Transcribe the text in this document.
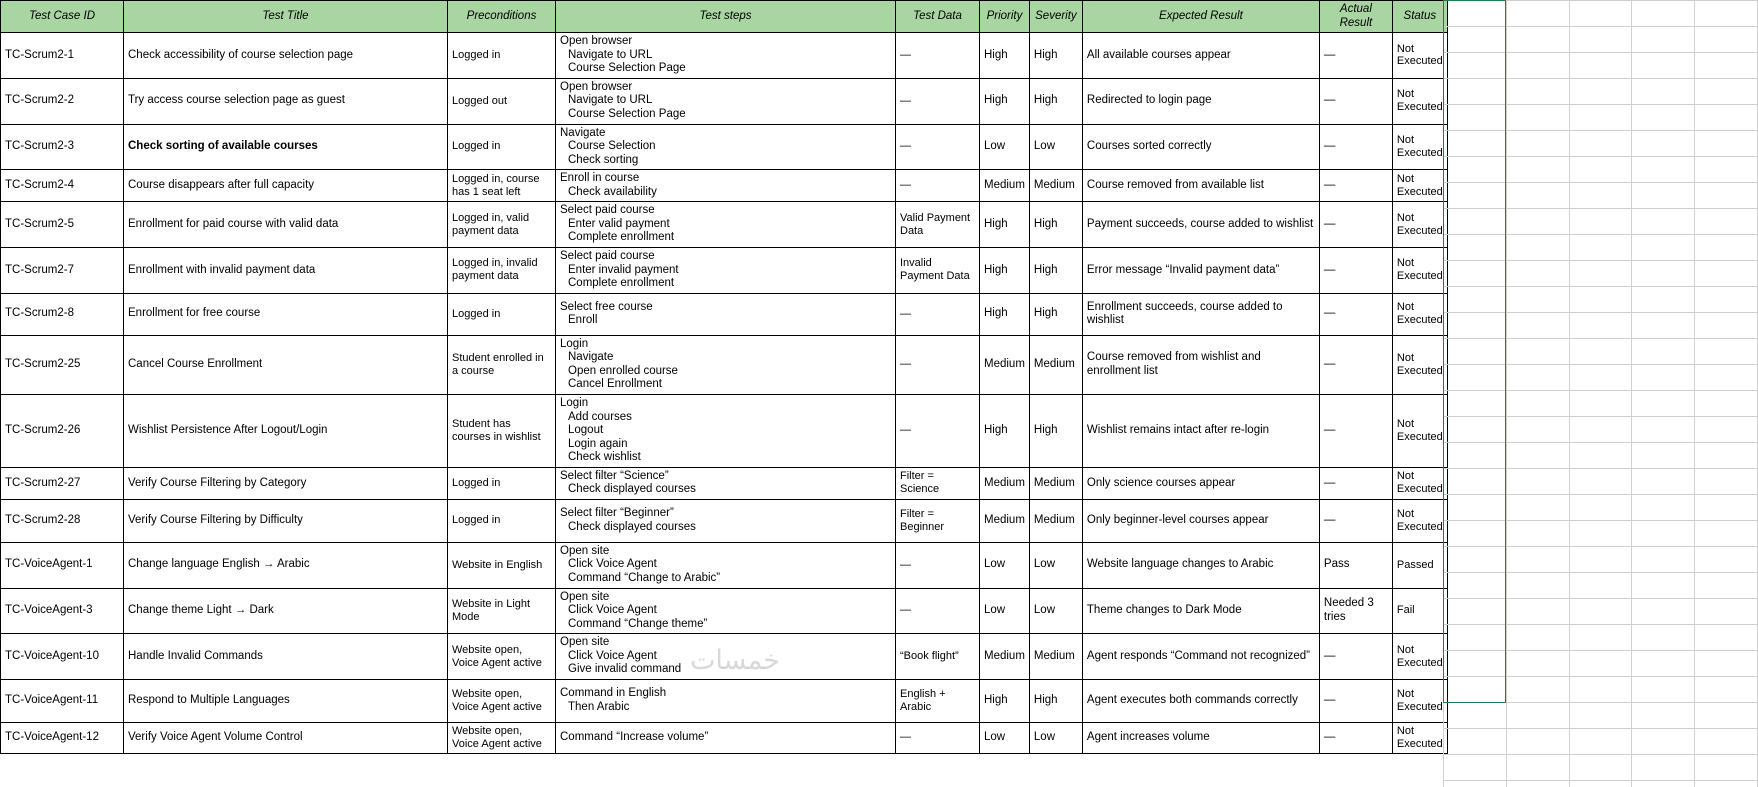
Test Case ID	Test Title	Preconditions	Test steps	Test Data	Priority	Severity	Expected Result	Actual Result	Status
TC-Scrum2-1	Check accessibility of course selection page	Logged in	Open browser
Navigate to URL
Course Selection Page	—	High	High	All available courses appear	—	Not Executed
TC-Scrum2-2	Try access course selection page as guest	Logged out	Open browser
Navigate to URL
Course Selection Page	—	High	High	Redirected to login page	—	Not Executed
TC-Scrum2-3	Check sorting of available courses	Logged in	Navigate
Course Selection
Check sorting	—	Low	Low	Courses sorted correctly	—	Not Executed
TC-Scrum2-4	Course disappears after full capacity	Logged in, course has 1 seat left	Enroll in course
Check availability	—	Medium	Medium	Course removed from available list	—	Not Executed
TC-Scrum2-5	Enrollment for paid course with valid data	Logged in, valid payment data	Select paid course
Enter valid payment
Complete enrollment	Valid Payment Data	High	High	Payment succeeds, course added to wishlist	—	Not Executed
TC-Scrum2-7	Enrollment with invalid payment data	Logged in, invalid payment data	Select paid course
Enter invalid payment
Complete enrollment	Invalid Payment Data	High	High	Error message “Invalid payment data”	—	Not Executed
TC-Scrum2-8	Enrollment for free course	Logged in	Select free course
Enroll	—	High	High	Enrollment succeeds, course added to wishlist	—	Not Executed
TC-Scrum2-25	Cancel Course Enrollment	Student enrolled in a course	Login
Navigate
Open enrolled course
Cancel Enrollment	—	Medium	Medium	Course removed from wishlist and enrollment list	—	Not Executed
TC-Scrum2-26	Wishlist Persistence After Logout/Login	Student has courses in wishlist	Login
Add courses
Logout
Login again
Check wishlist	—	High	High	Wishlist remains intact after re-login	—	Not Executed
TC-Scrum2-27	Verify Course Filtering by Category	Logged in	Select filter “Science”
Check displayed courses	Filter = Science	Medium	Medium	Only science courses appear	—	Not Executed
TC-Scrum2-28	Verify Course Filtering by Difficulty	Logged in	Select filter “Beginner”
Check displayed courses	Filter = Beginner	Medium	Medium	Only beginner-level courses appear	—	Not Executed
TC-VoiceAgent-1	Change language English → Arabic	Website in English	Open site
Click Voice Agent
Command “Change to Arabic”	—	Low	Low	Website language changes to Arabic	Pass	Passed
TC-VoiceAgent-3	Change theme Light → Dark	Website in Light Mode	Open site
Click Voice Agent
Command “Change theme”	—	Low	Low	Theme changes to Dark Mode	Needed 3 tries	Fail
TC-VoiceAgent-10	Handle Invalid Commands	Website open, Voice Agent active	Open site
Click Voice Agent
Give invalid command	“Book flight”	Medium	Medium	Agent responds “Command not recognized”	—	Not Executed
TC-VoiceAgent-11	Respond to Multiple Languages	Website open, Voice Agent active	Command in English
Then Arabic	English + Arabic	High	High	Agent executes both commands correctly	—	Not Executed
TC-VoiceAgent-12	Verify Voice Agent Volume Control	Website open, Voice Agent active	Command “Increase volume”	—	Low	Low	Agent increases volume	—	Not Executed

خمسات
